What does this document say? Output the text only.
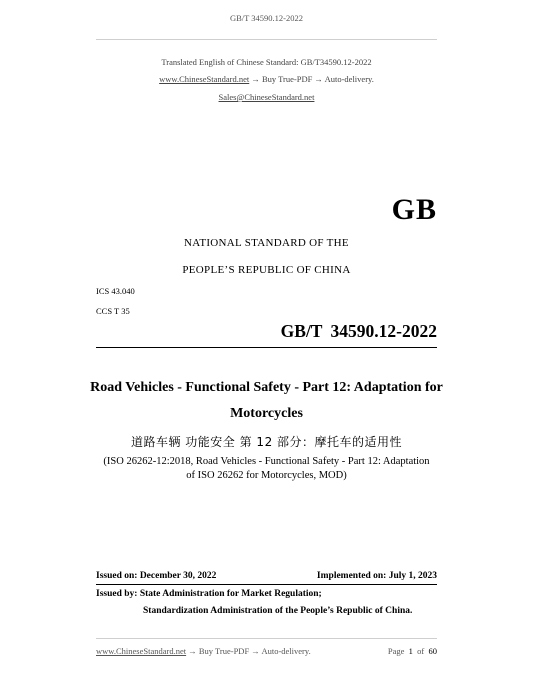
GB/T 34590.12-2022
Translated English of Chinese Standard: GB/T34590.12-2022
www.ChineseStandard.net → Buy True-PDF → Auto-delivery.
Sales@ChineseStandard.net
GB
NATIONAL STANDARD OF THE
PEOPLE’S REPUBLIC OF CHINA
ICS 43.040
CCS T 35
GB/T 34590.12-2022
Road Vehicles - Functional Safety - Part 12: Adaptation for
Motorcycles
道路车辆 功能安全 第 12 部分：摩托车的适用性
(ISO 26262-12:2018, Road Vehicles - Functional Safety - Part 12: Adaptation
of ISO 26262 for Motorcycles, MOD)
Issued on: December 30, 2022	Implemented on: July 1, 2023
Issued by: State Administration for Market Regulation;
Standardization Administration of the People’s Republic of China.
www.ChineseStandard.net → Buy True-PDF → Auto-delivery.	Page 1 of 60
